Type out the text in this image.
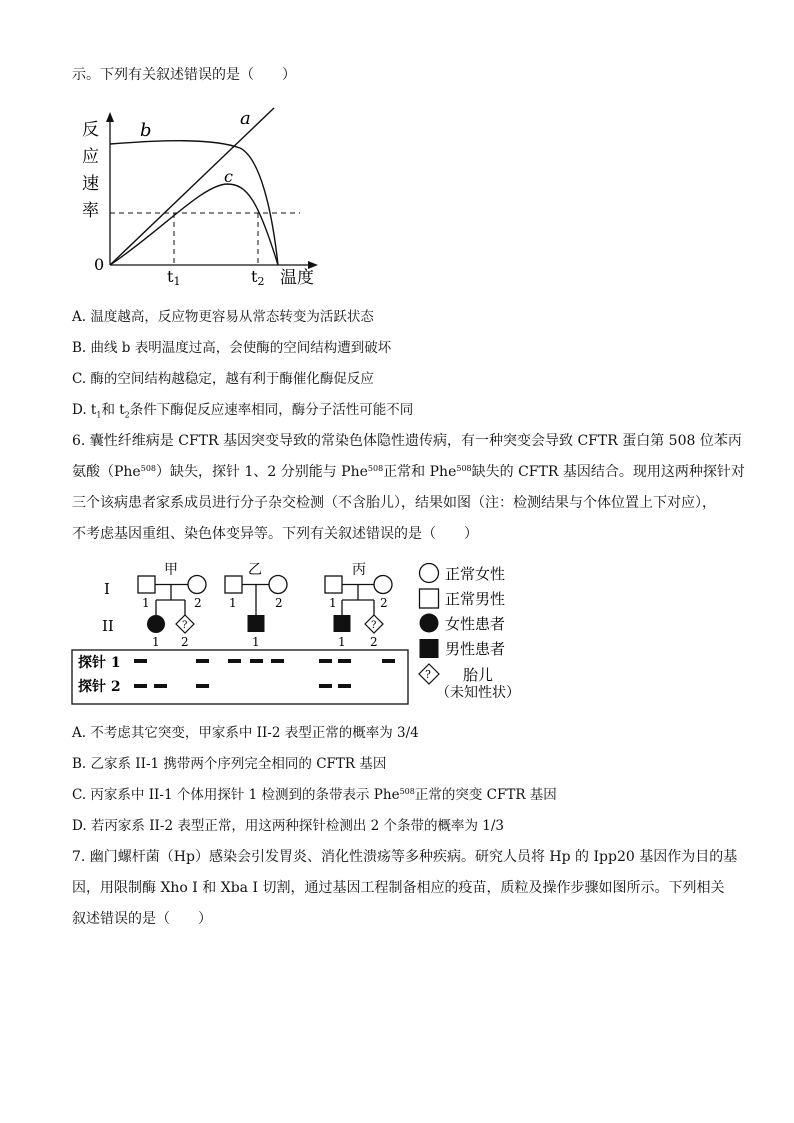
示。下列有关叙述错误的是（　　）
反
应
速
率
0
温度
a
b
c
t1	t2
A. 温度越高，反应物更容易从常态转变为活跃状态
B. 曲线 b 表明温度过高，会使酶的空间结构遭到破坏
C. 酶的空间结构越稳定，越有利于酶催化酶促反应
D. $t_1$和 $t_2$条件下酶促反应速率相同，酶分子活性可能不同
6. 囊性纤维病是 CFTR 基因突变导致的常染色体隐性遗传病，有一种突变会导致 CFTR 蛋白第 508 位苯丙
氨酸（Phe$^{508}$）缺失，探针 1、2 分别能与 Phe$^{508}$正常和 Phe$^{508}$缺失的 CFTR 基因结合。现用这两种探针对
三个该病患者家系成员进行分子杂交检测（不含胎儿），结果如图（注：检测结果与个体位置上下对应），
不考虑基因重组、染色体变异等。下列有关叙述错误的是（　　）
I
II
甲
1	2
?
1 2
乙
1	2
1
丙
1	2
?
1 2
探针 1
探针 2
正常女性
正常男性
女性患者
男性患者
? 胎儿
（未知性状）
A. 不考虑其它突变，甲家系中 II-2 表型正常的概率为 3/4
B. 乙家系 II-1 携带两个序列完全相同的 CFTR 基因
C. 丙家系中 II-1 个体用探针 1 检测到的条带表示 Phe$^{508}$正常的突变 CFTR 基因
D. 若丙家系 II-2 表型正常，用这两种探针检测出 2 个条带的概率为 1/3
7. 幽门螺杆菌（Hp）感染会引发胃炎、消化性溃疡等多种疾病。研究人员将 Hp 的 Ipp20 基因作为目的基
因，用限制酶 Xho I 和 Xba I 切割，通过基因工程制备相应的疫苗，质粒及操作步骤如图所示。下列相关
叙述错误的是（　　）
